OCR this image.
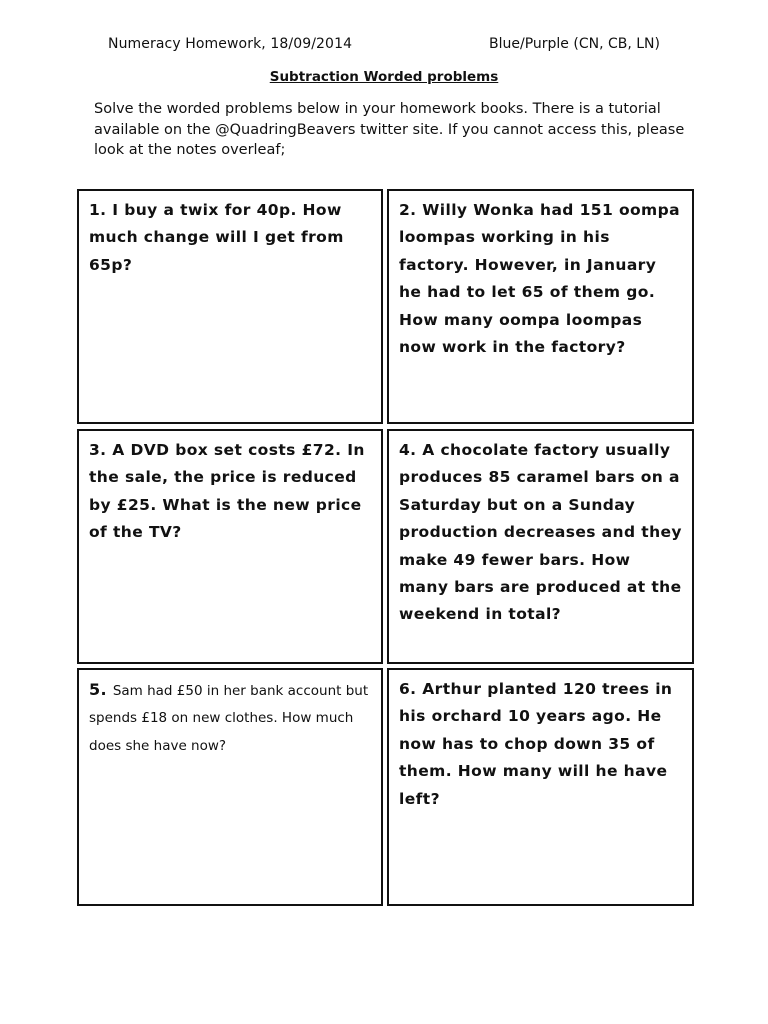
Numeracy Homework, 18/09/2014	Blue/Purple (CN, CB, LN)
Subtraction Worded problems
Solve the worded problems below in your homework books. There is a tutorial available on the @QuadringBeavers twitter site. If you cannot access this, please look at the notes overleaf;
1. I buy a twix for 40p. How much change will I get from 65p?
2. Willy Wonka had 151 oompa loompas working in his factory. However, in January he had to let 65 of them go. How many oompa loompas now work in the factory?
3. A DVD box set costs £72. In the sale, the price is reduced by £25. What is the new price of the TV?
4. A chocolate factory usually produces 85 caramel bars on a Saturday but on a Sunday production decreases and they make 49 fewer bars. How many bars are produced at the weekend in total?
5. Sam had £50 in her bank account but spends £18 on new clothes. How much does she have now?
6. Arthur planted 120 trees in his orchard 10 years ago. He now has to chop down 35 of them. How many will he have left?
